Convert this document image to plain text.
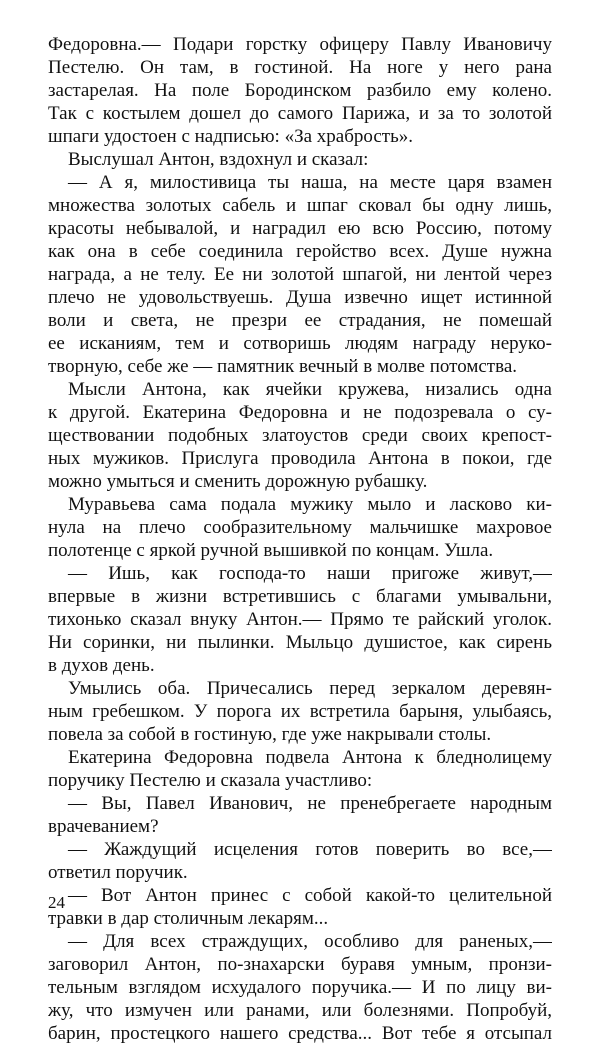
Федоровна.— Подари горстку офицеру Павлу Ивановичу
Пестелю. Он там, в гостиной. На ноге у него рана
застарелая. На поле Бородинском разбило ему колено.
Так с костылем дошел до самого Парижа, и за то золотой
шпаги удостоен с надписью: «За храбрость».
Выслушал Антон, вздохнул и сказал:
— А я, милостивица ты наша, на месте царя взамен
множества золотых сабель и шпаг сковал бы одну лишь,
красоты небывалой, и наградил ею всю Россию, потому
как она в себе соединила геройство всех. Душе нужна
награда, а не телу. Ее ни золотой шпагой, ни лентой через
плечо не удовольствуешь. Душа извечно ищет истинной
воли и света, не презри ее страдания, не помешай
ее исканиям, тем и сотворишь людям награду неруко-
творную, себе же — памятник вечный в молве потомства.
Мысли Антона, как ячейки кружева, низались одна
к другой. Екатерина Федоровна и не подозревала о су-
ществовании подобных златоустов среди своих крепост-
ных мужиков. Прислуга проводила Антона в покои, где
можно умыться и сменить дорожную рубашку.
Муравьева сама подала мужику мыло и ласково ки-
нула на плечо сообразительному мальчишке махровое
полотенце с яркой ручной вышивкой по концам. Ушла.
— Ишь, как господа-то наши пригоже живут,—
впервые в жизни встретившись с благами умывальни,
тихонько сказал внуку Антон.— Прямо те райский уголок.
Ни соринки, ни пылинки. Мыльцо душистое, как сирень
в духов день.
Умылись оба. Причесались перед зеркалом деревян-
ным гребешком. У порога их встретила барыня, улыбаясь,
повела за собой в гостиную, где уже накрывали столы.
Екатерина Федоровна подвела Антона к бледнолицему
поручику Пестелю и сказала участливо:
— Вы, Павел Иванович, не пренебрегаете народным
врачеванием?
— Жаждущий исцеления готов поверить во все,—
ответил поручик.
— Вот Антон принес с собой какой-то целительной
травки в дар столичным лекарям...
— Для всех страждущих, особливо для раненых,—
заговорил Антон, по-знахарски буравя умным, пронзи-
тельным взглядом исхудалого поручика.— И по лицу ви-
жу, что измучен или ранами, или болезнями. Попробуй,
барин, простецкого нашего средства... Вот тебе я отсыпал
24
